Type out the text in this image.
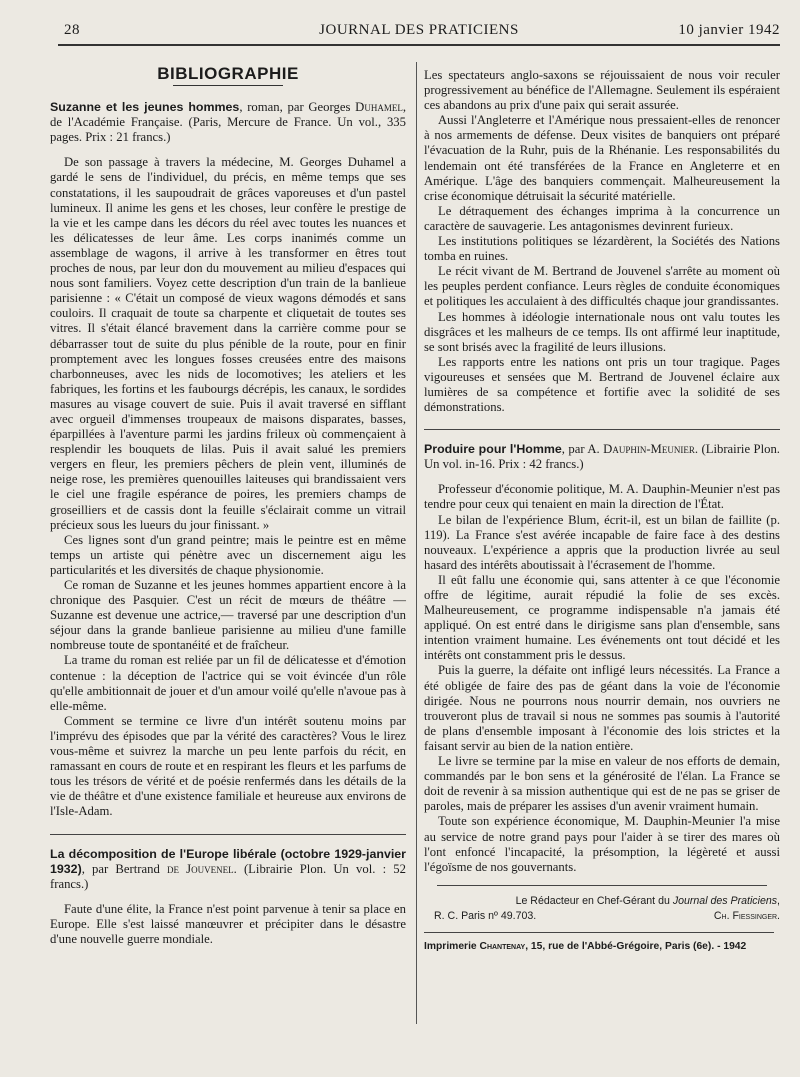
28	JOURNAL DES PRATICIENS	10 janvier 1942
BIBLIOGRAPHIE

Suzanne et les jeunes hommes, roman, par Georges Duhamel, de l'Académie Française. (Paris, Mercure de France. Un vol., 335 pages. Prix : 21 francs.)

De son passage à travers la médecine, M. Georges Duhamel a gardé le sens de l'individuel, du précis, en même temps que ses constatations, il les saupoudrait de grâces vaporeuses et d'un pastel lumineux. Il anime les gens et les choses, leur confère le prestige de la vie et les campe dans les décors du réel avec toutes les nuances et les délicatesses de leur âme. Les corps inanimés comme un assemblage de wagons, il arrive à les transformer en êtres tout proches de nous, par leur don du mouvement au milieu d'espaces qui nous sont familiers. Voyez cette description d'un train de la banlieue parisienne : « C'était un composé de vieux wagons démodés et sans couloirs. Il craquait de toute sa charpente et cliquetait de toutes ses vitres. Il s'était élancé bravement dans la carrière comme pour se débarrasser tout de suite du plus pénible de la route, pour en finir promptement avec les longues fosses creusées entre des maisons charbonneuses, avec les nids de locomotives; les ateliers et les fabriques, les fortins et les faubourgs décrépis, les canaux, le sordides masures au visage couvert de suie. Puis il avait traversé en sifflant avec orgueil d'immenses troupeaux de maisons disparates, basses, éparpillées à l'aventure parmi les jardins frileux où commençaient à resplendir les bouquets de lilas. Puis il avait salué les premiers vergers en fleur, les premiers pêchers de plein vent, illuminés de neige rose, les premières quenouilles laiteuses qui brandissaient vers le ciel une fragile espérance de poires, les premiers champs de groseilliers et de cassis dont la feuille s'éclairait comme un vitrail précieux sous les lueurs du jour finissant. »

Ces lignes sont d'un grand peintre; mais le peintre est en même temps un artiste qui pénètre avec un discernement aigu les particularités et les diversités de chaque physionomie.

Ce roman de Suzanne et les jeunes hommes appartient encore à la chronique des Pasquier. C'est un récit de mœurs de théâtre — Suzanne est devenue une actrice,— traversé par une description d'un séjour dans la grande banlieue parisienne au milieu d'une famille nombreuse toute de spontanéité et de fraîcheur.

La trame du roman est reliée par un fil de délicatesse et d'émotion contenue : la déception de l'actrice qui se voit évincée d'un rôle qu'elle ambitionnait de jouer et d'un amour voilé qu'elle n'avoue pas à elle-même.

Comment se termine ce livre d'un intérêt soutenu moins par l'imprévu des épisodes que par la vérité des caractères? Vous le lirez vous-même et suivrez la marche un peu lente parfois du récit, en ramassant en cours de route et en respirant les fleurs et les parfums de tous les trésors de vérité et de poésie renfermés dans les détails de la vie de théâtre et d'une existence familiale et heureuse aux environs de l'Isle-Adam.

La décomposition de l'Europe libérale (octobre 1929-janvier 1932), par Bertrand de Jouvenel. (Librairie Plon. Un vol. : 52 francs.)

Faute d'une élite, la France n'est point parvenue à tenir sa place en Europe. Elle s'est laissé manœuvrer et précipiter dans le désastre d'une nouvelle guerre mondiale.

Les spectateurs anglo-saxons se réjouissaient de nous voir reculer progressivement au bénéfice de l'Allemagne. Seulement ils espéraient ces abandons au prix d'une paix qui serait assurée.

Aussi l'Angleterre et l'Amérique nous pressaient-elles de renoncer à nos armements de défense. Deux visites de banquiers ont préparé l'évacuation de la Ruhr, puis de la Rhénanie. Les responsabilités du lendemain ont été transférées de la France en Angleterre et en Amérique. L'âge des banquiers commençait. Malheureusement la crise économique détruisait la sécurité matérielle.

Le détraquement des échanges imprima à la concurrence un caractère de sauvagerie. Les antagonismes devinrent furieux.

Les institutions politiques se lézardèrent, la Sociétés des Nations tomba en ruines.

Le récit vivant de M. Bertrand de Jouvenel s'arrête au moment où les peuples perdent confiance. Leurs règles de conduite économiques et politiques les acculaient à des difficultés chaque jour grandissantes.

Les hommes à idéologie internationale nous ont valu toutes les disgrâces et les malheurs de ce temps. Ils ont affirmé leur inaptitude, se sont brisés avec la fragilité de leurs illusions.

Les rapports entre les nations ont pris un tour tragique. Pages vigoureuses et sensées que M. Bertrand de Jouvenel éclaire aux lumières de sa compétence et fortifie avec la solidité de ses démonstrations.

Produire pour l'Homme, par A. Dauphin-Meunier. (Librairie Plon. Un vol. in-16. Prix : 42 francs.)

Professeur d'économie politique, M. A. Dauphin-Meunier n'est pas tendre pour ceux qui tenaient en main la direction de l'État.

Le bilan de l'expérience Blum, écrit-il, est un bilan de faillite (p. 119). La France s'est avérée incapable de faire face à des destins nouveaux. L'expérience a appris que la production livrée au seul hasard des intérêts aboutissait à l'écrasement de l'homme.

Il eût fallu une économie qui, sans attenter à ce que l'économie offre de légitime, aurait répudié la folie de ses excès. Malheureusement, ce programme indispensable n'a jamais été appliqué. On est entré dans le dirigisme sans plan d'ensemble, sans intention vraiment humaine. Les événements ont tout décidé et les intérêts ont constamment pris le dessus.

Puis la guerre, la défaite ont infligé leurs nécessités. La France a été obligée de faire des pas de géant dans la voie de l'économie dirigée. Nous ne pourrons nous nourrir demain, nos ouvriers ne trouveront plus de travail si nous ne sommes pas soumis à l'autorité de plans d'ensemble imposant à l'économie des lois strictes et la faisant servir au bien de la nation entière.

Le livre se termine par la mise en valeur de nos efforts de demain, commandés par le bon sens et la générosité de l'élan. La France se doit de revenir à sa mission authentique qui est de ne pas se griser de paroles, mais de préparer les assises d'un avenir vraiment humain.

Toute son expérience économique, M. Dauphin-Meunier l'a mise au service de notre grand pays pour l'aider à se tirer des mares où l'ont enfoncé l'incapacité, la présomption, la légèreté et aussi l'égoïsme de nos gouvernants.

Le Rédacteur en Chef-Gérant du Journal des Praticiens,

R. C. Paris nº 49.703.	Ch. Fiessinger.

Imprimerie Chantenay, 15, rue de l'Abbé-Grégoire, Paris (6e). - 1942
